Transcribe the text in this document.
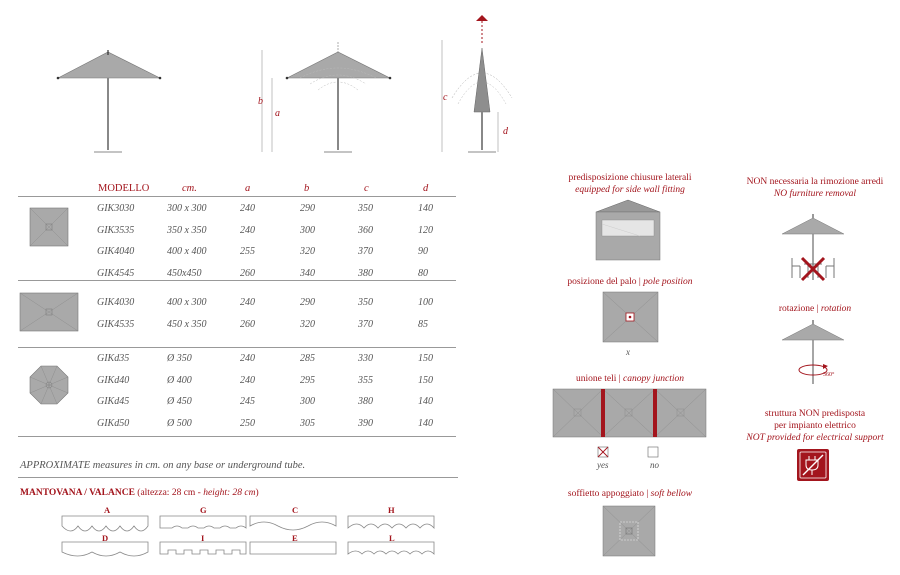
b
a
c
d
MODELLO	cm.	a	b	c	d
GIK3030	300 x 300	240	290	350	140
GIK3535	350 x 350	240	300	360	120
GIK4040	400 x 400	255	320	370	90
GIK4545	450x450	260	340	380	80
GIK4030	400 x 300	240	290	350	100
GIK4535	450 x 350	260	320	370	85
GIKd35	Ø 350	240	285	330	150
GIKd40	Ø 400	240	295	355	150
GIKd45	Ø 450	245	300	380	140
GIKd50	Ø 500	250	305	390	140
APPROXIMATE measures in cm. on any base or underground tube.
MANTOVANA / VALANCE (altezza: 28 cm - height: 28 cm)
A	G	C	H
D	I	E	L
predisposizione chiusure laterali
equipped for side wall fitting
posizione del palo | pole position
x
unione teli | canopy junction
yes	no
soffietto appoggiato | soft bellow
NON necessaria la rimozione arredi
NO furniture removal
rotazione | rotation
360°
struttura NON predisposta
per impianto elettrico
NOT provided for electrical support
